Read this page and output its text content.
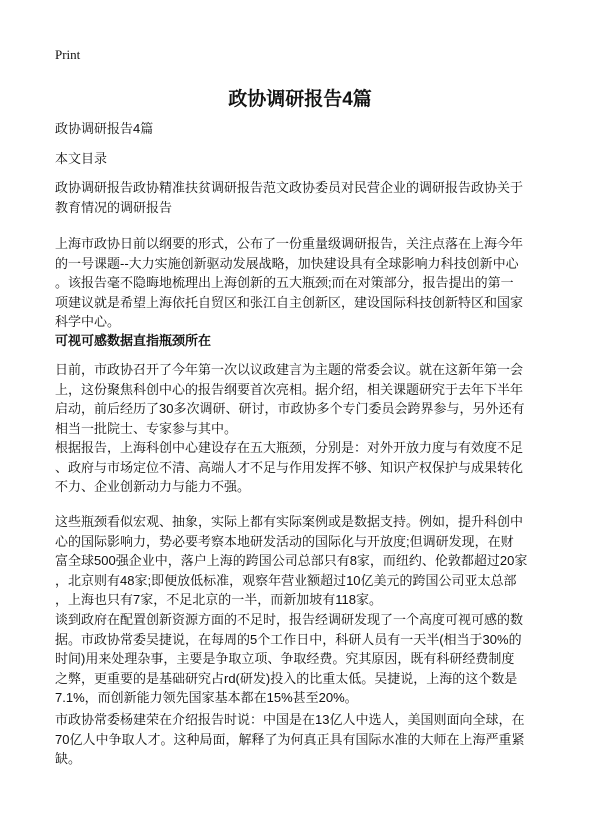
Print
政协调研报告4篇
政协调研报告4篇
本文目录
政协调研报告政协精准扶贫调研报告范文政协委员对民营企业的调研报告政协关于
教育情况的调研报告
上海市政协日前以纲要的形式，公布了一份重量级调研报告，关注点落在上海今年
的一号课题--大力实施创新驱动发展战略，加快建设具有全球影响力科技创新中心
。该报告毫不隐晦地梳理出上海创新的五大瓶颈;而在对策部分，报告提出的第一
项建议就是希望上海依托自贸区和张江自主创新区，建设国际科技创新特区和国家
科学中心。
可视可感数据直指瓶颈所在
日前，市政协召开了今年第一次以议政建言为主题的常委会议。就在这新年第一会
上，这份聚焦科创中心的报告纲要首次亮相。据介绍，相关课题研究于去年下半年
启动，前后经历了30多次调研、研讨，市政协多个专门委员会跨界参与，另外还有
相当一批院士、专家参与其中。
根据报告，上海科创中心建设存在五大瓶颈，分别是：对外开放力度与有效度不足
、政府与市场定位不清、高端人才不足与作用发挥不够、知识产权保护与成果转化
不力、企业创新动力与能力不强。
这些瓶颈看似宏观、抽象，实际上都有实际案例或是数据支持。例如，提升科创中
心的国际影响力，势必要考察本地研发活动的国际化与开放度;但调研发现，在财
富全球500强企业中，落户上海的跨国公司总部只有8家，而纽约、伦敦都超过20家
，北京则有48家;即便放低标准，观察年营业额超过10亿美元的跨国公司亚太总部
，上海也只有7家，不足北京的一半，而新加坡有118家。
谈到政府在配置创新资源方面的不足时，报告经调研发现了一个高度可视可感的数
据。市政协常委吴捷说，在每周的5个工作日中，科研人员有一天半(相当于30%的
时间)用来处理杂事，主要是争取立项、争取经费。究其原因，既有科研经费制度
之弊，更重要的是基础研究占rd(研发)投入的比重太低。吴捷说，上海的这个数是
7.1%，而创新能力领先国家基本都在15%甚至20%。
市政协常委杨建荣在介绍报告时说：中国是在13亿人中选人，美国则面向全球，在
70亿人中争取人才。这种局面，解释了为何真正具有国际水准的大师在上海严重紧
缺。
